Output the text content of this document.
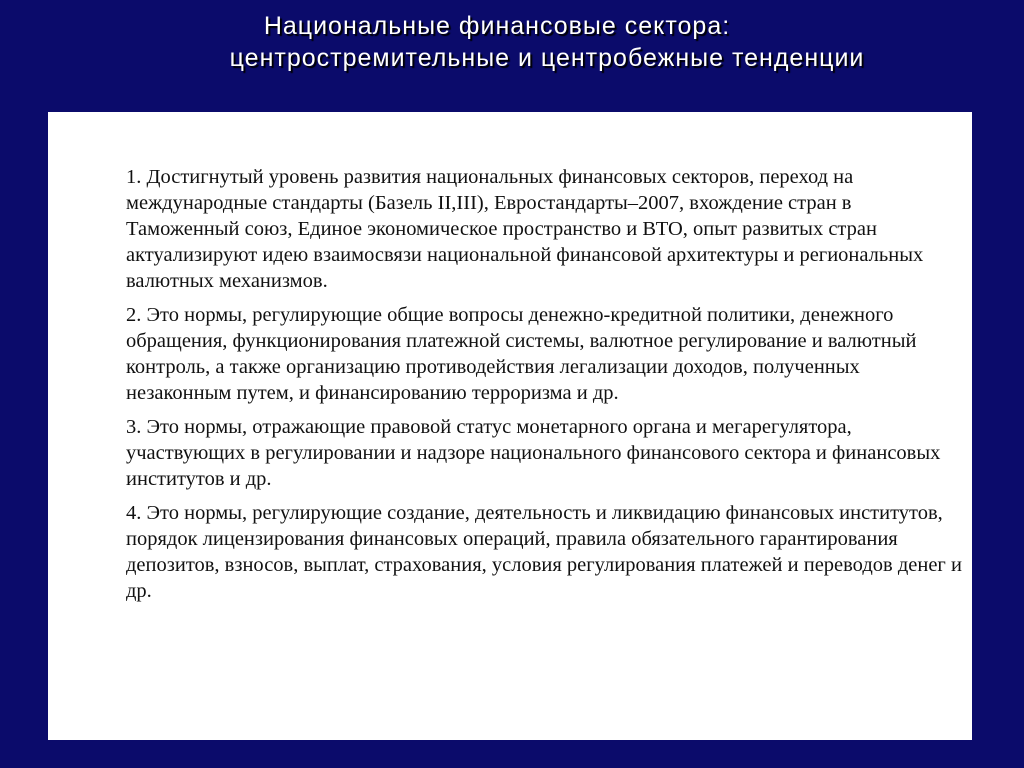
Национальные финансовые сектора:
центростремительные и центробежные тенденции

1. Достигнутый уровень развития национальных финансовых секторов, переход на международные стандарты (Базель II,III), Евростандарты–2007, вхождение стран в Таможенный союз, Единое экономическое пространство и ВТО, опыт развитых стран актуализируют идею взаимосвязи национальной финансовой архитектуры и региональных валютных механизмов.

2. Это нормы, регулирующие общие вопросы денежно-кредитной политики, денежного обращения, функционирования платежной системы, валютное регулирование и валютный контроль, а также организацию противодействия легализации доходов, полученных незаконным путем, и финансированию терроризма и др.

3. Это нормы, отражающие правовой статус монетарного органа и мегарегулятора, участвующих в регулировании и надзоре национального финансового сектора и финансовых институтов и др.

4. Это нормы, регулирующие создание, деятельность и ликвидацию финансовых институтов, порядок лицензирования финансовых операций, правила обязательного гарантирования депозитов, взносов, выплат, страхования, условия регулирования платежей и переводов денег и др.
